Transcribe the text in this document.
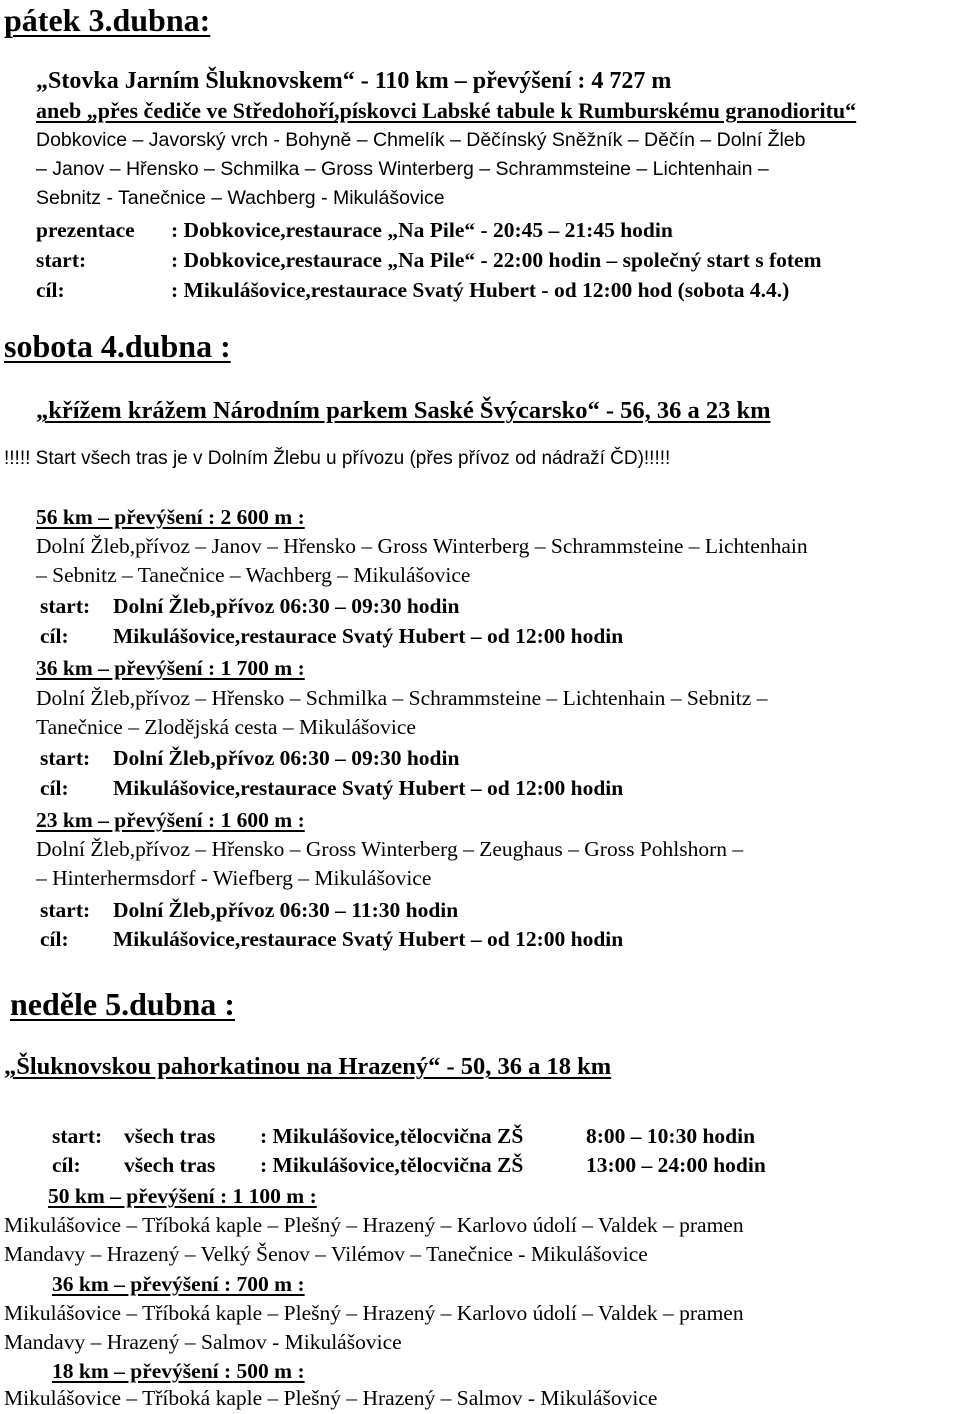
pátek 3.dubna:
„Stovka Jarním Šluknovskem“ - 110 km – převýšení : 4 727 m
aneb „přes čediče ve Středohoří,pískovci Labské tabule k Rumburskému granodioritu“
Dobkovice – Javorský vrch - Bohyně – Chmelík – Děčínský Sněžník – Děčín – Dolní Žleb
– Janov – Hřensko – Schmilka – Gross Winterberg – Schrammsteine – Lichtenhain –
Sebnitz - Tanečnice – Wachberg - Mikulášovice
prezentace : Dobkovice,restaurace „Na Pile“ - 20:45 – 21:45 hodin
start:	: Dobkovice,restaurace „Na Pile“ - 22:00 hodin – společný start s fotem
cíl:	: Mikulášovice,restaurace Svatý Hubert - od 12:00 hod (sobota 4.4.)
sobota 4.dubna :
„křížem krážem Národním parkem Saské Švýcarsko“ - 56, 36 a 23 km
!!!!! Start všech tras je v Dolním Žlebu u přívozu (přes přívoz od nádraží ČD)!!!!!
56 km – převýšení : 2 600 m :
Dolní Žleb,přívoz – Janov – Hřensko – Gross Winterberg – Schrammsteine – Lichtenhain
– Sebnitz – Tanečnice – Wachberg – Mikulášovice
start: Dolní Žleb,přívoz 06:30 – 09:30 hodin
cíl: Mikulášovice,restaurace Svatý Hubert – od 12:00 hodin
36 km – převýšení : 1 700 m :
Dolní Žleb,přívoz – Hřensko – Schmilka – Schrammsteine – Lichtenhain – Sebnitz –
Tanečnice – Zlodějská cesta – Mikulášovice
start: Dolní Žleb,přívoz 06:30 – 09:30 hodin
cíl: Mikulášovice,restaurace Svatý Hubert – od 12:00 hodin
23 km – převýšení : 1 600 m :
Dolní Žleb,přívoz – Hřensko – Gross Winterberg – Zeughaus – Gross Pohlshorn –
– Hinterhermsdorf - Wiefberg – Mikulášovice
start: Dolní Žleb,přívoz 06:30 – 11:30 hodin
cíl: Mikulášovice,restaurace Svatý Hubert – od 12:00 hodin
neděle 5.dubna :
„Šluknovskou pahorkatinou na Hrazený“ - 50, 36 a 18 km
start: všech tras : Mikulášovice,tělocvična ZŠ	8:00 – 10:30 hodin
cíl: všech tras : Mikulášovice,tělocvična ZŠ	13:00 – 24:00 hodin
50 km – převýšení : 1 100 m :
Mikulášovice – Tříboká kaple – Plešný – Hrazený – Karlovo údolí – Valdek – pramen
Mandavy – Hrazený – Velký Šenov – Vilémov – Tanečnice - Mikulášovice
36 km – převýšení : 700 m :
Mikulášovice – Tříboká kaple – Plešný – Hrazený – Karlovo údolí – Valdek – pramen
Mandavy – Hrazený – Salmov - Mikulášovice
18 km – převýšení : 500 m :
Mikulášovice – Tříboká kaple – Plešný – Hrazený – Salmov - Mikulášovice
